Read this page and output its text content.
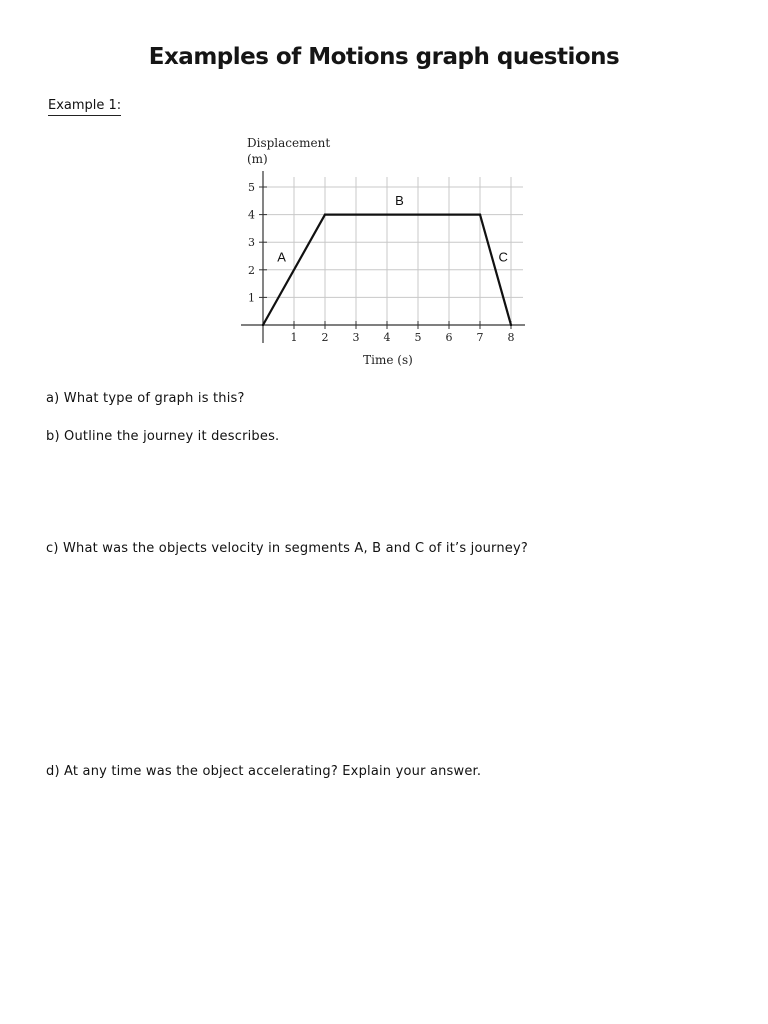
Examples of Motions graph questions
Example 1:
1 2 3 4 5 6 7 8
1
2
3
4
5
Displacement
(m)
Time (s)
A
B
C
a) What type of graph is this?
b) Outline the journey it describes.
c) What was the objects velocity in segments A, B and C of it’s journey?
d) At any time was the object accelerating? Explain your answer.
